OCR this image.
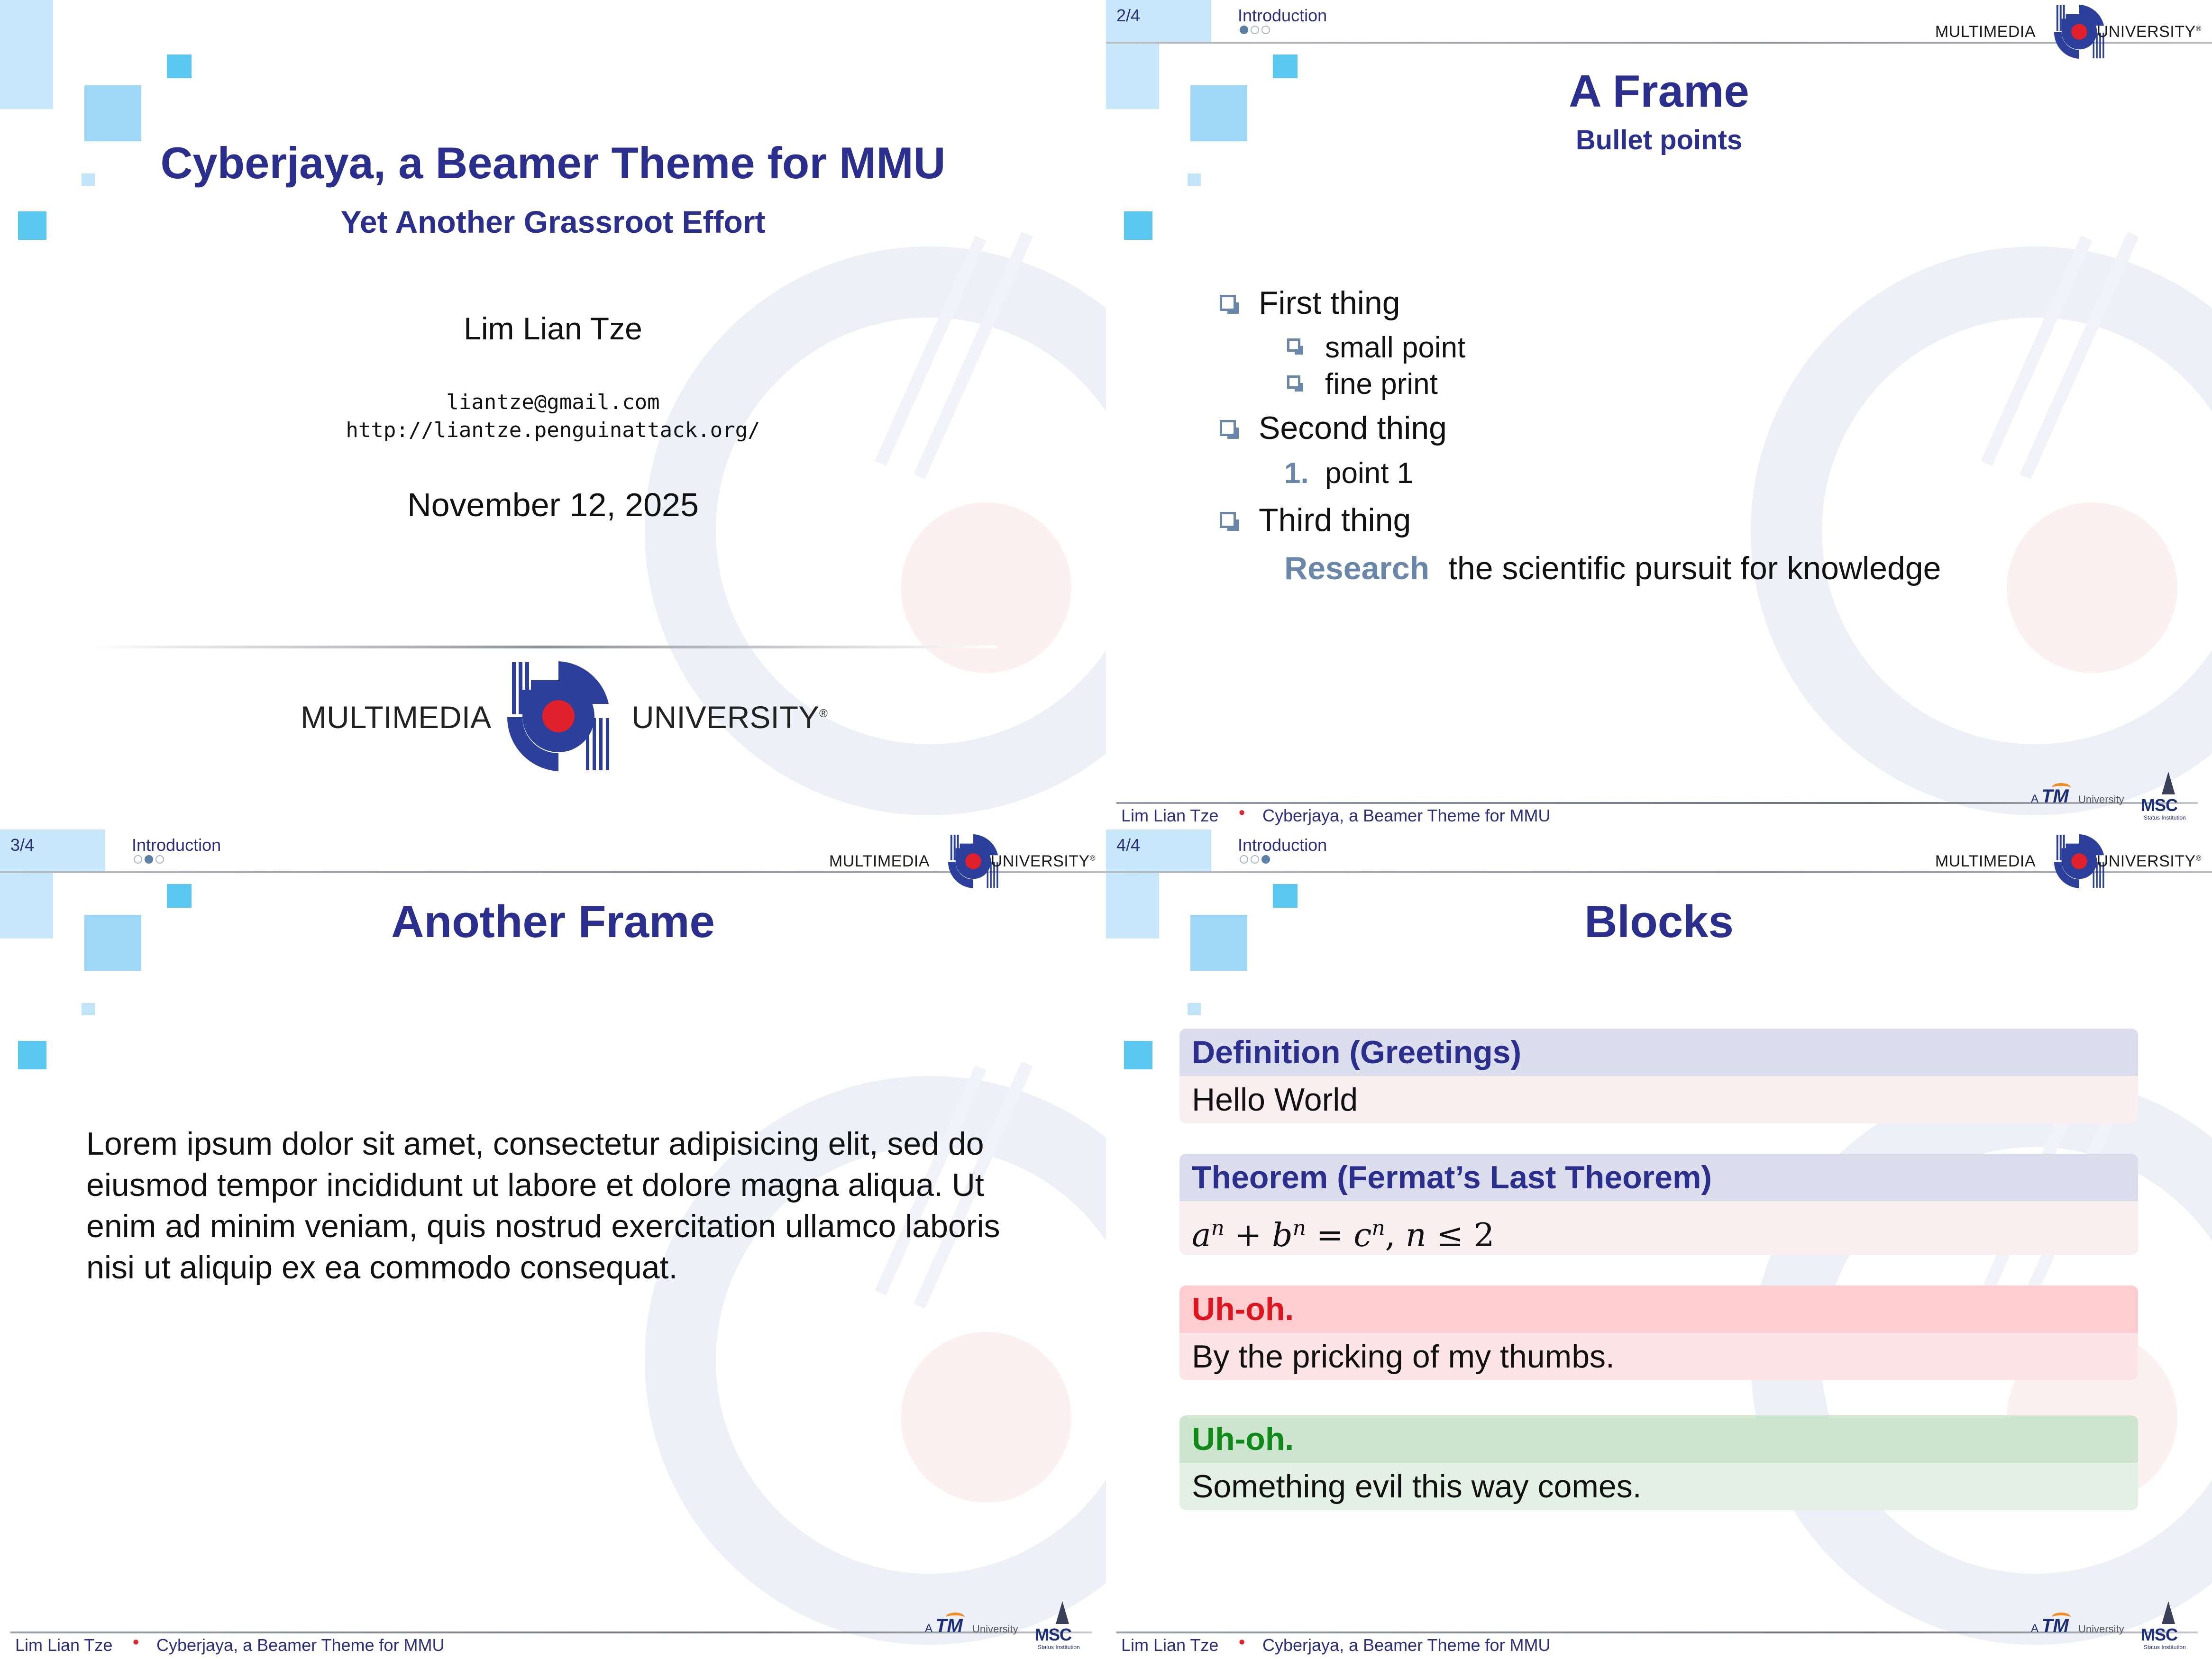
Cyberjaya, a Beamer Theme for MMU
Yet Another Grassroot Effort
Lim Lian Tze
liantze@gmail.com
http://liantze.penguinattack.org/
November 12, 2025
MULTIMEDIA	UNIVERSITY®
2/4	Introduction
MULTIMEDIA	UNIVERSITY®
A Frame
Bullet points
First thing
small point
fine print
Second thing
1. point 1
Third thing
Research the scientific pursuit for knowledge
Lim Lian Tze • Cyberjaya, a Beamer Theme for MMU
A TM University MSC
Status Institution
3/4	Introduction
MULTIMEDIA	UNIVERSITY®
Another Frame
Lorem ipsum dolor sit amet, consectetur adipisicing elit, sed do eiusmod tempor incididunt ut labore et dolore magna aliqua. Ut enim ad minim veniam, quis nostrud exercitation ullamco laboris nisi ut aliquip ex ea commodo consequat.
Lim Lian Tze • Cyberjaya, a Beamer Theme for MMU
A TM University MSC
Status Institution
4/4	Introduction
MULTIMEDIA	UNIVERSITY®
Blocks
Lim Lian Tze • Cyberjaya, a Beamer Theme for MMU
A TM University MSC
Status Institution
Definition (Greetings)
Hello World
Theorem (Fermat’s Last Theorem)
$a^n + b^n = c^n$, n ≤ 2
Uh-oh.
By the pricking of my thumbs.
Uh-oh.
Something evil this way comes.
